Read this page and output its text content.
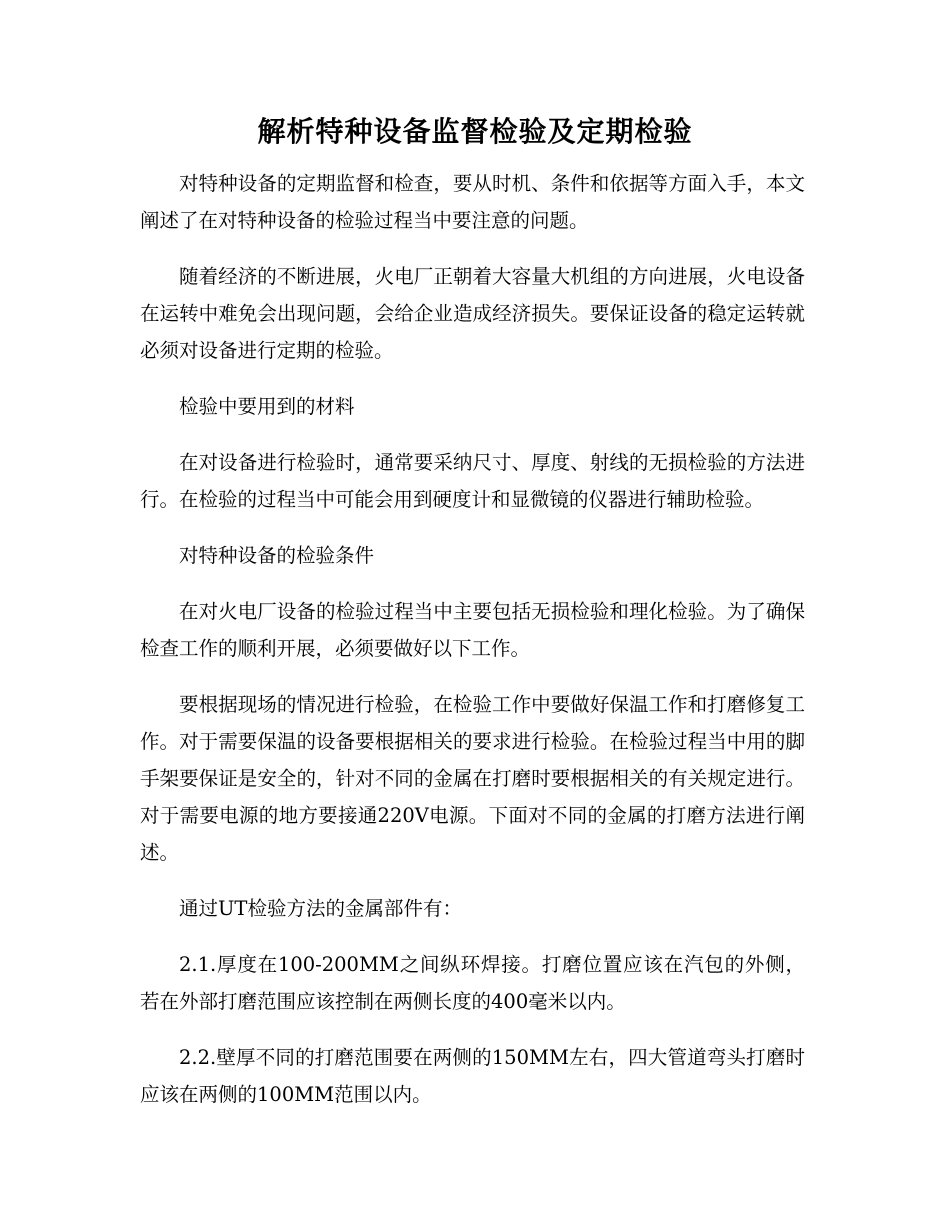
解析特种设备监督检验及定期检验

对特种设备的定期监督和检查，要从时机、条件和依据等方面入手，本文阐述了在对特种设备的检验过程当中要注意的问题。

随着经济的不断进展，火电厂正朝着大容量大机组的方向进展，火电设备在运转中难免会出现问题，会给企业造成经济损失。要保证设备的稳定运转就必须对设备进行定期的检验。

检验中要用到的材料

在对设备进行检验时，通常要采纳尺寸、厚度、射线的无损检验的方法进行。在检验的过程当中可能会用到硬度计和显微镜的仪器进行辅助检验。

对特种设备的检验条件

在对火电厂设备的检验过程当中主要包括无损检验和理化检验。为了确保检查工作的顺利开展，必须要做好以下工作。

要根据现场的情况进行检验，在检验工作中要做好保温工作和打磨修复工作。对于需要保温的设备要根据相关的要求进行检验。在检验过程当中用的脚手架要保证是安全的，针对不同的金属在打磨时要根据相关的有关规定进行。对于需要电源的地方要接通220V电源。下面对不同的金属的打磨方法进行阐述。

通过UT检验方法的金属部件有：

2.1.厚度在100-200MM之间纵环焊接。打磨位置应该在汽包的外侧，若在外部打磨范围应该控制在两侧长度的400毫米以内。

2.2.壁厚不同的打磨范围要在两侧的150MM左右，四大管道弯头打磨时应该在两侧的100MM范围以内。
